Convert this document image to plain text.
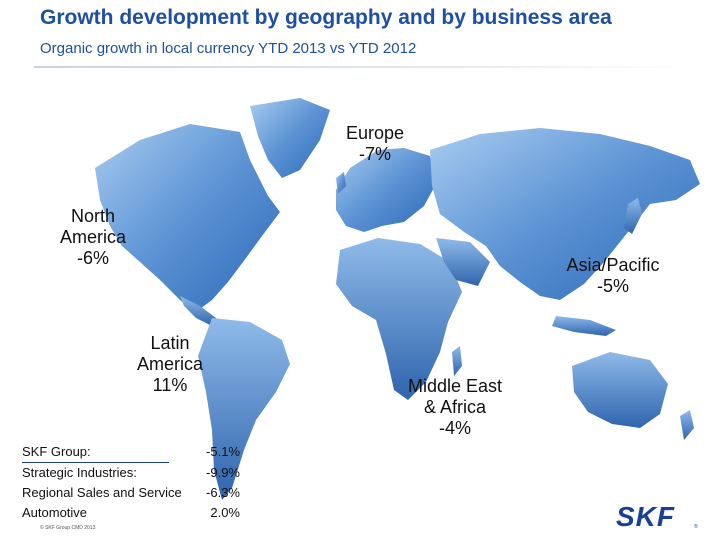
Growth development by geography and by business area
Organic growth in local currency YTD 2013 vs YTD 2012
Europe
-7%
North
America
-6%	Asia/Pacific
-5%
Latin
America
11%	Middle East
& Africa
-4%
SKF Group:	-5.1%
Strategic Industries:	-9.9%
Regional Sales and Service -6.3%
Automotive	2.0%
© SKF Group CMD 2013	SKF	®
